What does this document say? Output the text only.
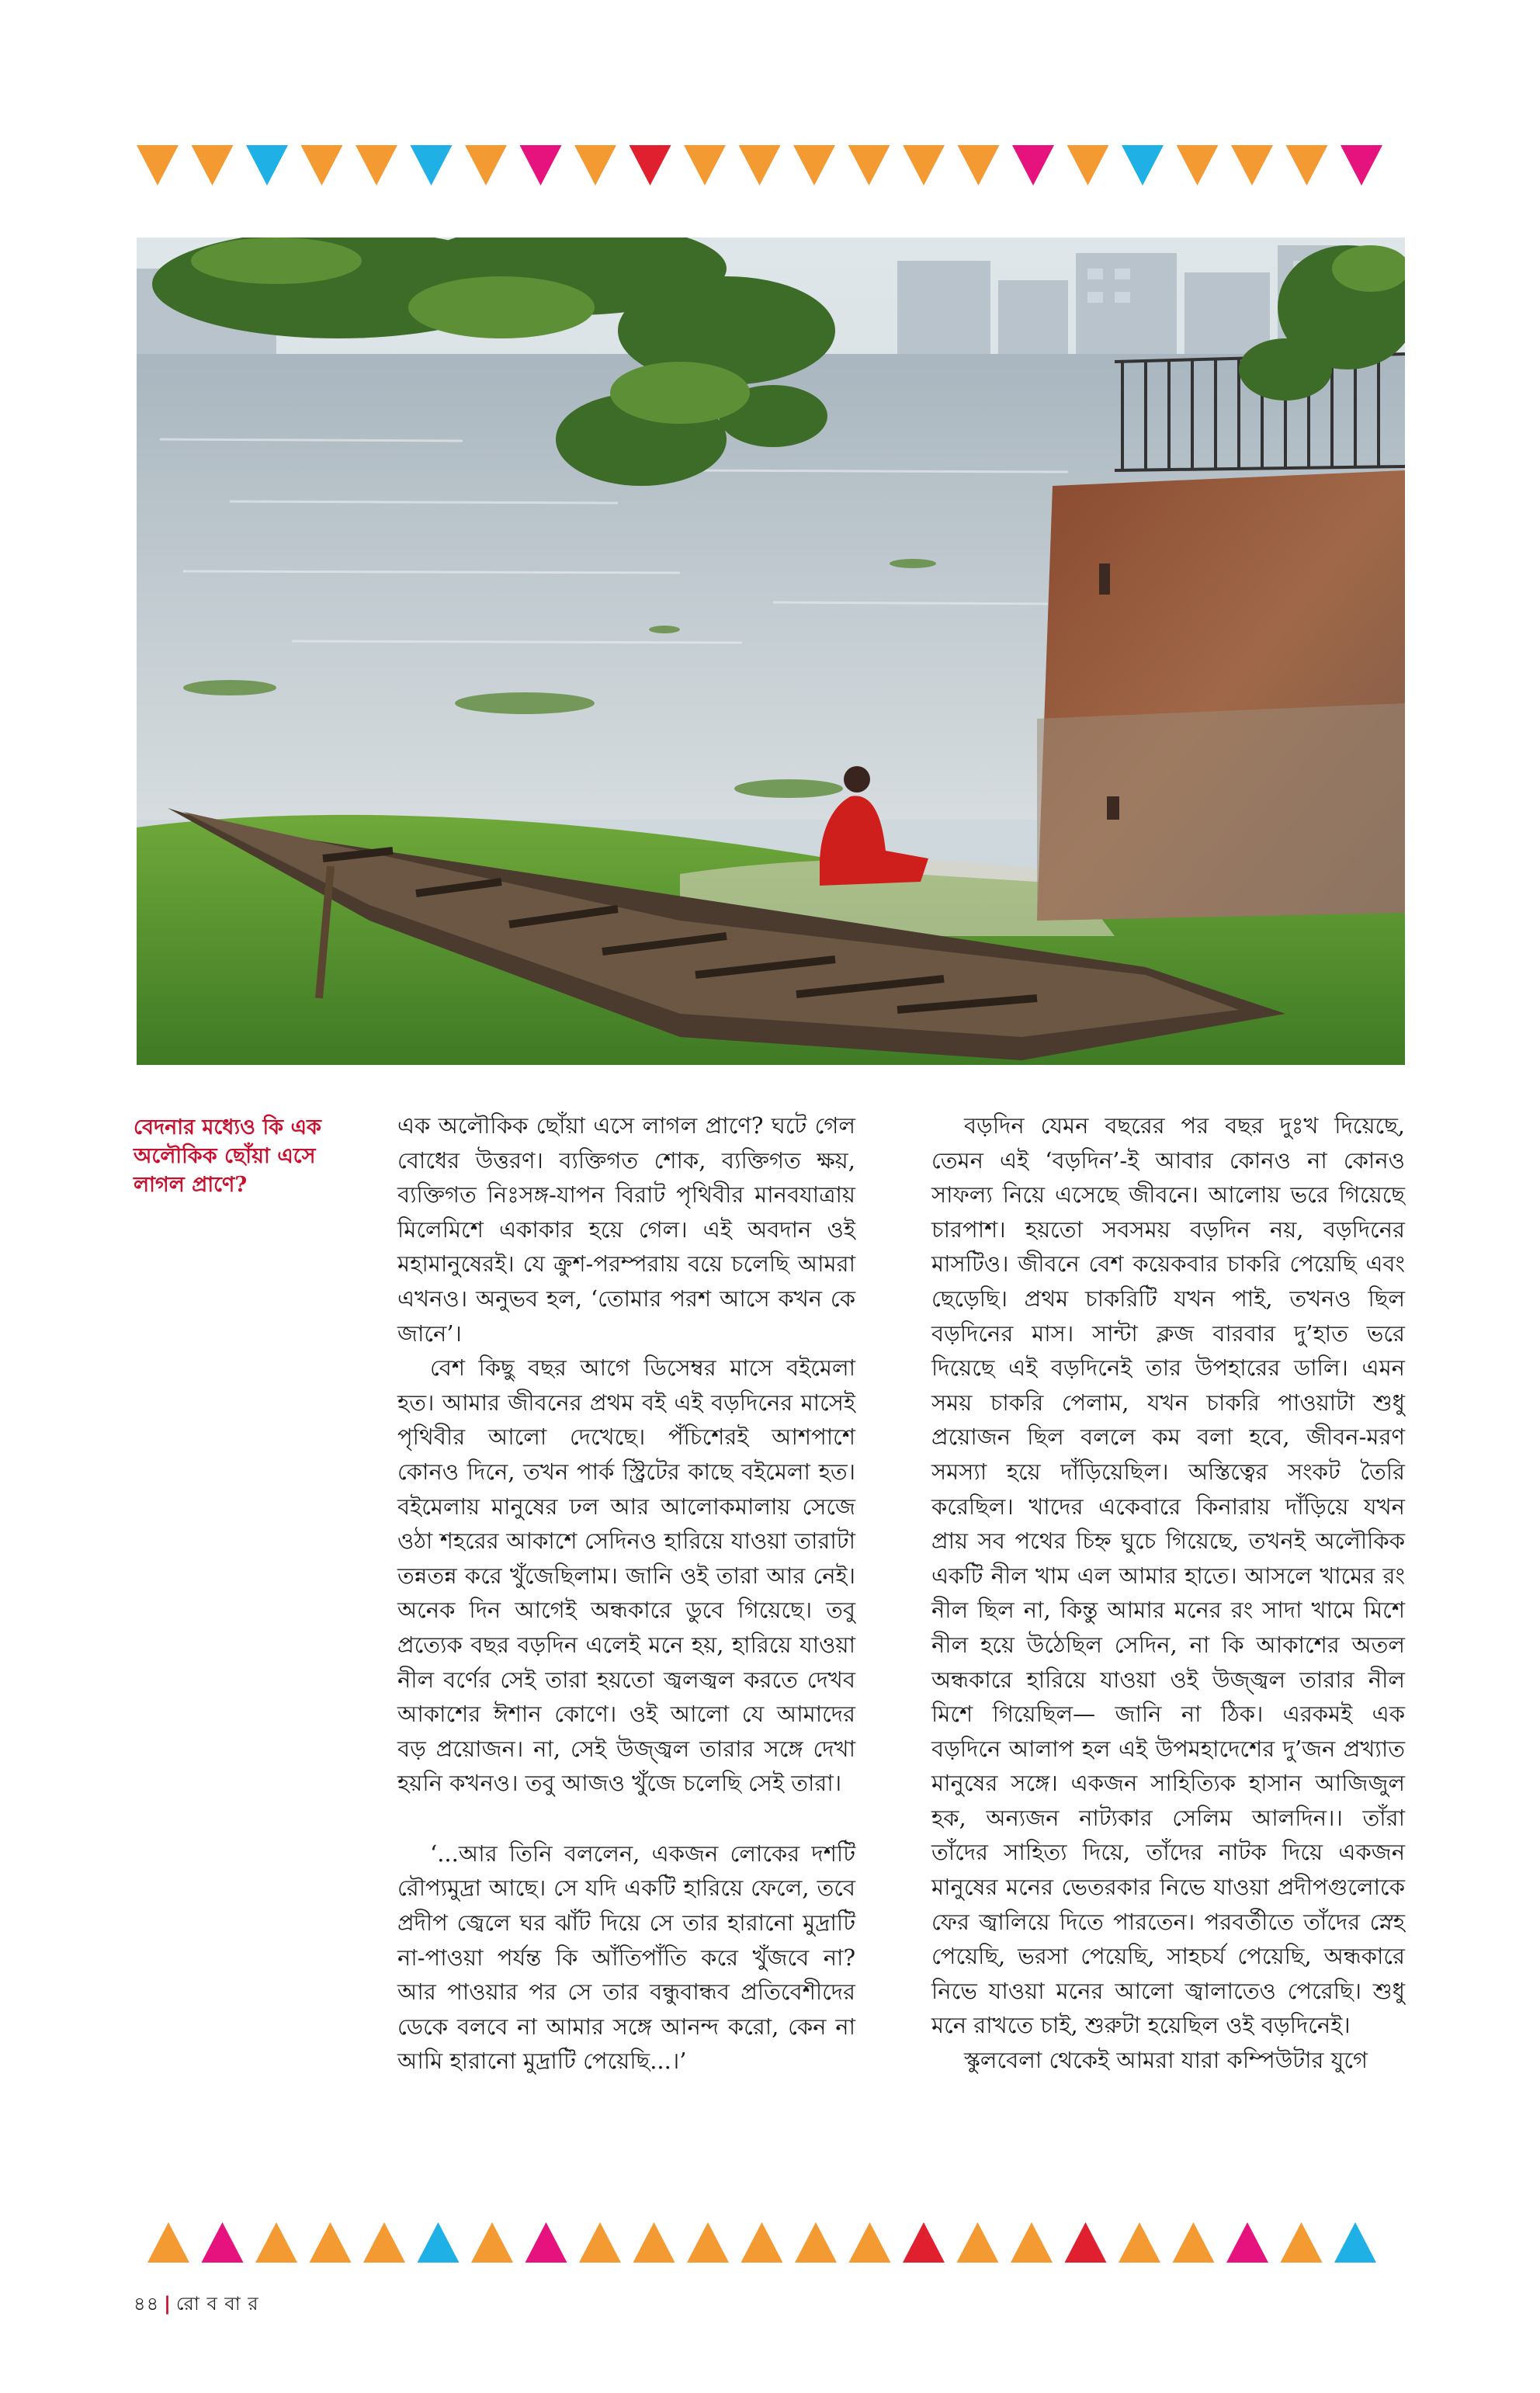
বেদনার মধ্যেও কি এক অলৌকিক ছোঁয়া এসে লাগল প্রাণে?

এক অলৌকিক ছোঁয়া এসে লাগল প্রাণে? ঘটে গেল বোধের উত্তরণ। ব্যক্তিগত শোক, ব্যক্তিগত ক্ষয়, ব্যক্তিগত নিঃসঙ্গ-যাপন বিরাট পৃথিবীর মানবযাত্রায় মিলেমিশে একাকার হয়ে গেল। এই অবদান ওই মহামানুষেরই। যে ক্রুশ-পরম্পরায় বয়ে চলেছি আমরা এখনও। অনুভব হল, ‘তোমার পরশ আসে কখন কে জানে’।

বেশ কিছু বছর আগে ডিসেম্বর মাসে বইমেলা হত। আমার জীবনের প্রথম বই এই বড়দিনের মাসেই পৃথিবীর আলো দেখেছে। পঁচিশেরই আশপাশে কোনও দিনে, তখন পার্ক স্ট্রিটের কাছে বইমেলা হত। বইমেলায় মানুষের ঢল আর আলোকমালায় সেজে ওঠা শহরের আকাশে সেদিনও হারিয়ে যাওয়া তারাটা তন্নতন্ন করে খুঁজেছিলাম। জানি ওই তারা আর নেই। অনেক দিন আগেই অন্ধকারে ডুবে গিয়েছে। তবু প্রত্যেক বছর বড়দিন এলেই মনে হয়, হারিয়ে যাওয়া নীল বর্ণের সেই তারা হয়তো জ্বলজ্বল করতে দেখব আকাশের ঈশান কোণে। ওই আলো যে আমাদের বড় প্রয়োজন। না, সেই উজ্জ্বল তারার সঙ্গে দেখা হয়নি কখনও। তবু আজও খুঁজে চলেছি সেই তারা।

‘...আর তিনি বললেন, একজন লোকের দশটি রৌপ্যমুদ্রা আছে। সে যদি একটি হারিয়ে ফেলে, তবে প্রদীপ জ্বেলে ঘর ঝাঁট দিয়ে সে তার হারানো মুদ্রাটি না-পাওয়া পর্যন্ত কি আঁতিপাঁতি করে খুঁজবে না? আর পাওয়ার পর সে তার বন্ধুবান্ধব প্রতিবেশীদের ডেকে বলবে না আমার সঙ্গে আনন্দ করো, কেন না আমি হারানো মুদ্রাটি পেয়েছি...।’

বড়দিন যেমন বছরের পর বছর দুঃখ দিয়েছে, তেমন এই ‘বড়দিন’-ই আবার কোনও না কোনও সাফল্য নিয়ে এসেছে জীবনে। আলোয় ভরে গিয়েছে চারপাশ। হয়তো সবসময় বড়দিন নয়, বড়দিনের মাসটিও। জীবনে বেশ কয়েকবার চাকরি পেয়েছি এবং ছেড়েছি। প্রথম চাকরিটি যখন পাই, তখনও ছিল বড়দিনের মাস। সান্টা ক্লজ বারবার দু’হাত ভরে দিয়েছে এই বড়দিনেই তার উপহারের ডালি। এমন সময় চাকরি পেলাম, যখন চাকরি পাওয়াটা শুধু প্রয়োজন ছিল বললে কম বলা হবে, জীবন-মরণ সমস্যা হয়ে দাঁড়িয়েছিল। অস্তিত্বের সংকট তৈরি করেছিল। খাদের একেবারে কিনারায় দাঁড়িয়ে যখন প্রায় সব পথের চিহ্ন ঘুচে গিয়েছে, তখনই অলৌকিক একটি নীল খাম এল আমার হাতে। আসলে খামের রং নীল ছিল না, কিন্তু আমার মনের রং সাদা খামে মিশে নীল হয়ে উঠেছিল সেদিন, না কি আকাশের অতল অন্ধকারে হারিয়ে যাওয়া ওই উজ্জ্বল তারার নীল মিশে গিয়েছিল— জানি না ঠিক। এরকমই এক বড়দিনে আলাপ হল এই উপমহাদেশের দু’জন প্রখ্যাত মানুষের সঙ্গে। একজন সাহিত্যিক হাসান আজিজুল হক, অন্যজন নাট্যকার সেলিম আলদিন।। তাঁরা তাঁদের সাহিত্য দিয়ে, তাঁদের নাটক দিয়ে একজন মানুষের মনের ভেতরকার নিভে যাওয়া প্রদীপগুলোকে ফের জ্বালিয়ে দিতে পারতেন। পরবর্তীতে তাঁদের স্নেহ পেয়েছি, ভরসা পেয়েছি, সাহচর্য পেয়েছি, অন্ধকারে নিভে যাওয়া মনের আলো জ্বালাতেও পেরেছি। শুধু মনে রাখতে চাই, শুরুটা হয়েছিল ওই বড়দিনেই।

স্কুলবেলা থেকেই আমরা যারা কম্পিউটার যুগে

৪৪ | রো ব বা র
